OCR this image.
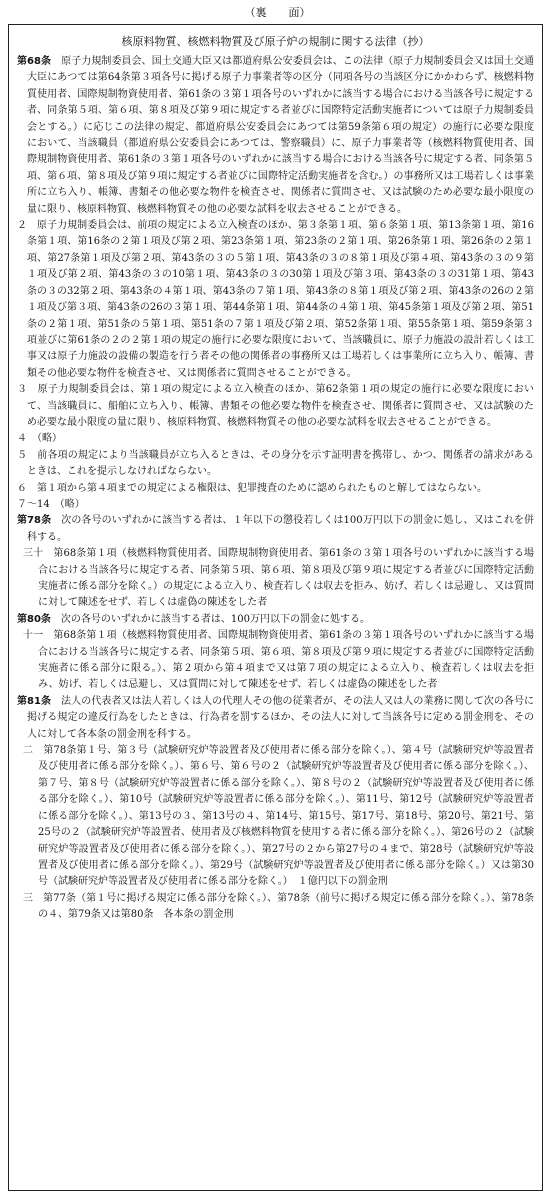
（裏　　面）
核原料物質、核燃料物質及び原子炉の規制に関する法律（抄）

第68条　原子力規制委員会、国土交通大臣又は都道府県公安委員会は、この法律（原子力規制委員会又は国土交通大臣にあつては第64条第３項各号に掲げる原子力事業者等の区分（同項各号の当該区分にかかわらず、核燃料物質使用者、国際規制物資使用者、第61条の３第１項各号のいずれかに該当する場合における当該各号に規定する者、同条第５項、第６項、第８項及び第９項に規定する者並びに国際特定活動実施者については原子力規制委員会とする。）に応じこの法律の規定、都道府県公安委員会にあつては第59条第６項の規定）の施行に必要な限度において、当該職員（都道府県公安委員会にあつては、警察職員）に、原子力事業者等（核燃料物質使用者、国際規制物資使用者、第61条の３第１項各号のいずれかに該当する場合における当該各号に規定する者、同条第５項、第６項、第８項及び第９項に規定する者並びに国際特定活動実施者を含む。）の事務所又は工場若しくは事業所に立ち入り、帳簿、書類その他必要な物件を検査させ、関係者に質問させ、又は試験のため必要な最小限度の量に限り、核原料物質、核燃料物質その他の必要な試料を収去させることができる。

２　原子力規制委員会は、前項の規定による立入検査のほか、第３条第１項、第６条第１項、第13条第１項、第16条第１項、第16条の２第１項及び第２項、第23条第１項、第23条の２第１項、第26条第１項、第26条の２第１項、第27条第１項及び第２項、第43条の３の５第１項、第43条の３の８第１項及び第４項、第43条の３の９第１項及び第２項、第43条の３の10第１項、第43条の３の30第１項及び第３項、第43条の３の31第１項、第43条の３の32第２項、第43条の４第１項、第43条の７第１項、第43条の８第１項及び第２項、第43条の26の２第１項及び第３項、第43条の26の３第１項、第44条第１項、第44条の４第１項、第45条第１項及び第２項、第51条の２第１項、第51条の５第１項、第51条の７第１項及び第２項、第52条第１項、第55条第１項、第59条第３項並びに第61条の２の２第１項の規定の施行に必要な限度において、当該職員に、原子力施設の設計若しくは工事又は原子力施設の設備の製造を行う者その他の関係者の事務所又は工場若しくは事業所に立ち入り、帳簿、書類その他必要な物件を検査させ、又は関係者に質問させることができる。

３　原子力規制委員会は、第１項の規定による立入検査のほか、第62条第１項の規定の施行に必要な限度において、当該職員に、船舶に立ち入り、帳簿、書類その他必要な物件を検査させ、関係者に質問させ、又は試験のため必要な最小限度の量に限り、核原料物質、核燃料物質その他の必要な試料を収去させることができる。

４　（略）

５　前各項の規定により当該職員が立ち入るときは、その身分を示す証明書を携帯し、かつ、関係者の請求があるときは、これを提示しなければならない。

６　第１項から第４項までの規定による権限は、犯罪捜査のために認められたものと解してはならない。

７～14　（略）

第78条　次の各号のいずれかに該当する者は、１年以下の懲役若しくは100万円以下の罰金に処し、又はこれを併科する。

三十　第68条第１項（核燃料物質使用者、国際規制物資使用者、第61条の３第１項各号のいずれかに該当する場合における当該各号に規定する者、同条第５項、第６項、第８項及び第９項に規定する者並びに国際特定活動実施者に係る部分を除く。）の規定による立入り、検査若しくは収去を拒み、妨げ、若しくは忌避し、又は質問に対して陳述をせず、若しくは虚偽の陳述をした者

第80条　次の各号のいずれかに該当する者は、100万円以下の罰金に処する。

十一　第68条第１項（核燃料物質使用者、国際規制物資使用者、第61条の３第１項各号のいずれかに該当する場合における当該各号に規定する者、同条第５項、第６項、第８項及び第９項に規定する者並びに国際特定活動実施者に係る部分に限る。）、第２項から第４項まで又は第７項の規定による立入り、検査若しくは収去を拒み、妨げ、若しくは忌避し、又は質問に対して陳述をせず、若しくは虚偽の陳述をした者

第81条　法人の代表者又は法人若しくは人の代理人その他の従業者が、その法人又は人の業務に関して次の各号に掲げる規定の違反行為をしたときは、行為者を罰するほか、その法人に対して当該各号に定める罰金刑を、その人に対して各本条の罰金刑を科する。

二　第78条第１号、第３号（試験研究炉等設置者及び使用者に係る部分を除く。）、第４号（試験研究炉等設置者及び使用者に係る部分を除く。）、第６号、第６号の２（試験研究炉等設置者及び使用者に係る部分を除く。）、第７号、第８号（試験研究炉等設置者に係る部分を除く。）、第８号の２（試験研究炉等設置者及び使用者に係る部分を除く。）、第10号（試験研究炉等設置者に係る部分を除く。）、第11号、第12号（試験研究炉等設置者に係る部分を除く。）、第13号の３、第13号の４、第14号、第15号、第17号、第18号、第20号、第21号、第25号の２（試験研究炉等設置者、使用者及び核燃料物質を使用する者に係る部分を除く。）、第26号の２（試験研究炉等設置者及び使用者に係る部分を除く。）、第27号の２から第27号の４まで、第28号（試験研究炉等設置者及び使用者に係る部分を除く。）、第29号（試験研究炉等設置者及び使用者に係る部分を除く。）又は第30号（試験研究炉等設置者及び使用者に係る部分を除く。）　１億円以下の罰金刑

三　第77条（第１号に掲げる規定に係る部分を除く。）、第78条（前号に掲げる規定に係る部分を除く。）、第78条の４、第79条又は第80条　各本条の罰金刑
